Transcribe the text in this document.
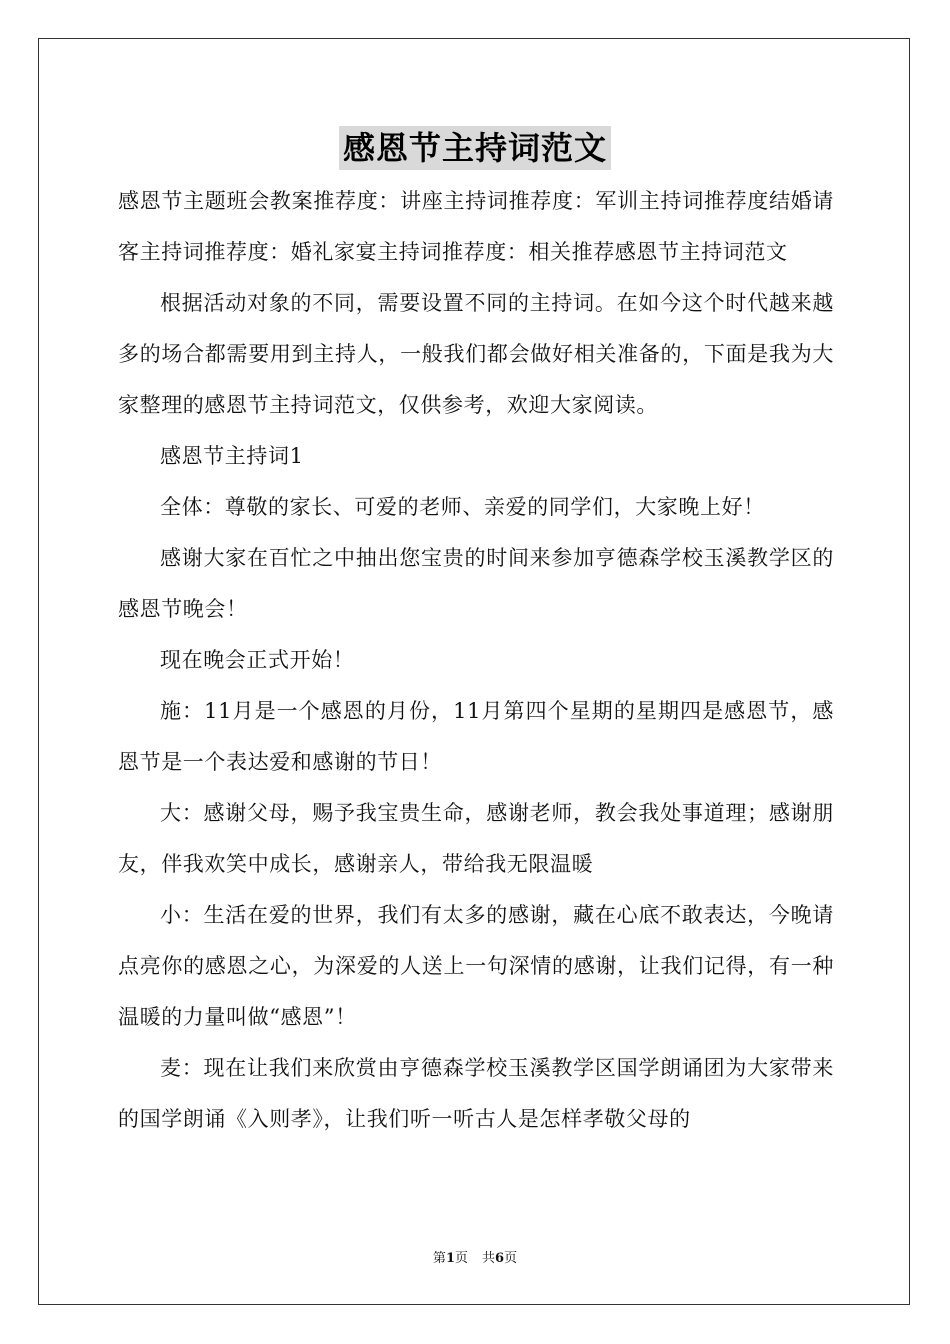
感恩节主持词范文

感恩节主题班会教案推荐度：讲座主持词推荐度：军训主持词推荐度结婚请客主持词推荐度：婚礼家宴主持词推荐度：相关推荐感恩节主持词范文

根据活动对象的不同，需要设置不同的主持词。在如今这个时代越来越多的场合都需要用到主持人，一般我们都会做好相关准备的，下面是我为大家整理的感恩节主持词范文，仅供参考，欢迎大家阅读。

感恩节主持词1

全体：尊敬的家长、可爱的老师、亲爱的同学们，大家晚上好！

感谢大家在百忙之中抽出您宝贵的时间来参加亨德森学校玉溪教学区的感恩节晚会！

现在晚会正式开始！

施：11月是一个感恩的月份，11月第四个星期的星期四是感恩节，感恩节是一个表达爱和感谢的节日！

大：感谢父母，赐予我宝贵生命，感谢老师，教会我处事道理；感谢朋友，伴我欢笑中成长，感谢亲人，带给我无限温暖

小：生活在爱的世界，我们有太多的感谢，藏在心底不敢表达，今晚请点亮你的感恩之心，为深爱的人送上一句深情的感谢，让我们记得，有一种温暖的力量叫做“感恩”！

麦：现在让我们来欣赏由亨德森学校玉溪教学区国学朗诵团为大家带来的国学朗诵《入则孝》，让我们听一听古人是怎样孝敬父母的

第1页 共6页
